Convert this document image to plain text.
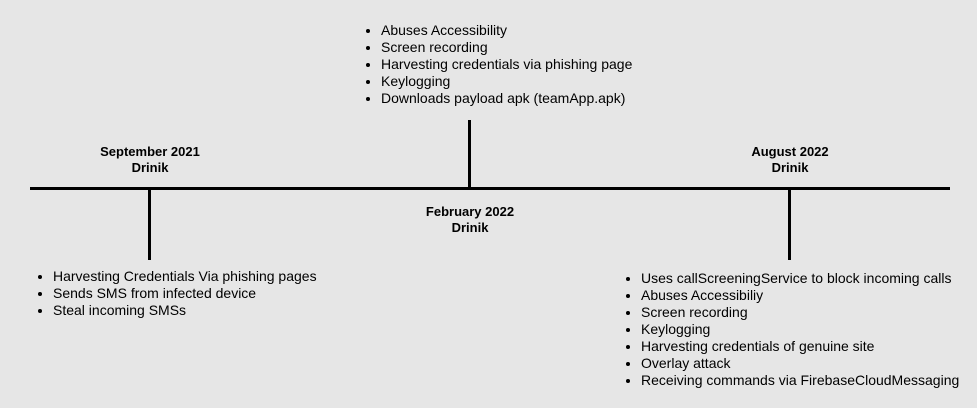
September 2021
Drinik
• Harvesting Credentials Via phishing pages
• Sends SMS from infected device
• Steal incoming SMSs
• Abuses Accessibility
• Screen recording
• Harvesting credentials via phishing page
• Keylogging
• Downloads payload apk (teamApp.apk)
February 2022
Drinik
August 2022
Drinik
• Uses callScreeningService to block incoming calls
• Abuses Accessibiliy
• Screen recording
• Keylogging
• Harvesting credentials of genuine site
• Overlay attack
• Receiving commands via FirebaseCloudMessaging
